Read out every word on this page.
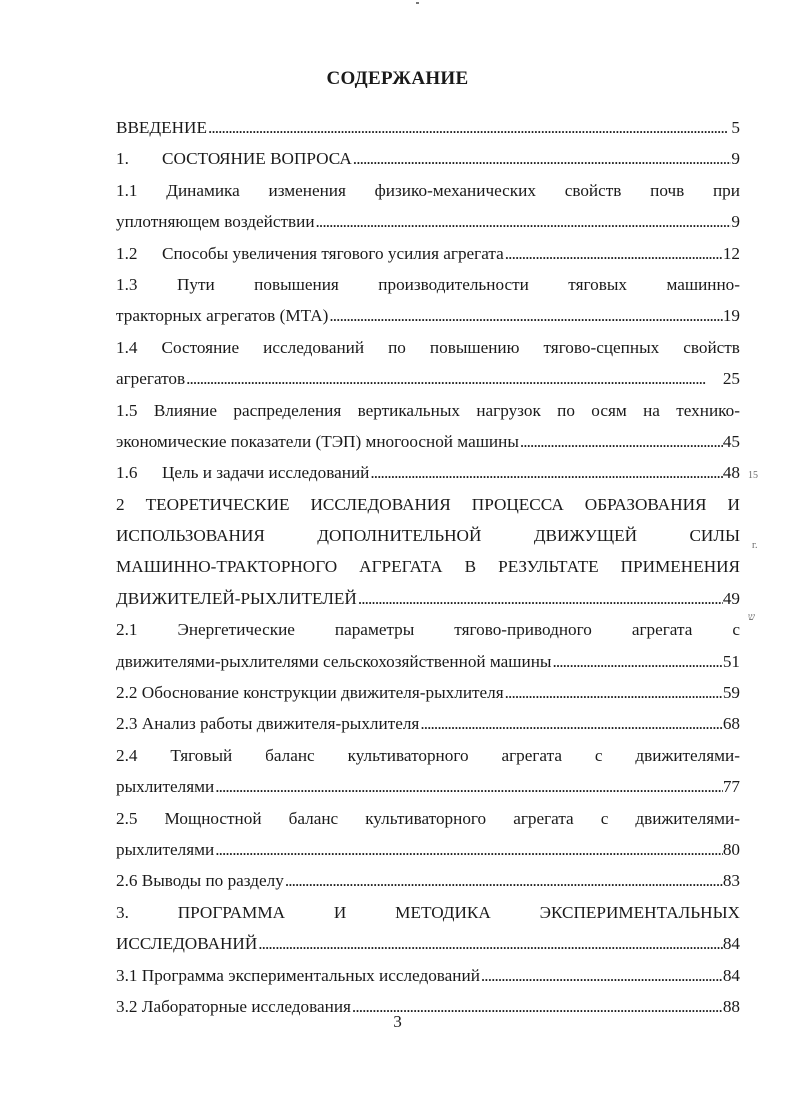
СОДЕРЖАНИЕ
ВВЕДЕНИЕ . . .	5
1. СОСТОЯНИЕ ВОПРОСА . . .	9
1.1 Динамика изменения физико-механических свойств почв при
уплотняющем воздействии . . .	9
1.2 Способы увеличения тягового усилия агрегата . . .	12
1.3 Пути повышения производительности тяговых машинно-
тракторных агрегатов (МТА) . . .	19
1.4 Состояние исследований по повышению тягово-сцепных свойств
агрегатов . . .	25
1.5 Влияние распределения вертикальных нагрузок по осям на технико-
экономические показатели (ТЭП) многоосной машины . . .	45
1.6 Цель и задачи исследований . . .	48
2 ТЕОРЕТИЧЕСКИЕ ИССЛЕДОВАНИЯ ПРОЦЕССА ОБРАЗОВАНИЯ И
ИСПОЛЬЗОВАНИЯ	ДОПОЛНИТЕЛЬНОЙ	ДВИЖУЩЕЙ	СИЛЫ
МАШИННО-ТРАКТОРНОГО АГРЕГАТА В РЕЗУЛЬТАТЕ ПРИМЕНЕНИЯ
ДВИЖИТЕЛЕЙ-РЫХЛИТЕЛЕЙ . . .	49
2.1 Энергетические параметры тягово-приводного агрегата с
движителями-рыхлителями сельскохозяйственной машины . . .	51
2.2 Обоснование конструкции движителя-рыхлителя . . .	59
2.3 Анализ работы движителя-рыхлителя . . .	68
2.4 Тяговый баланс культиваторного агрегата с движителями-
рыхлителями . . .	77
2.5 Мощностной баланс культиваторного агрегата с движителями-
рыхлителями . . .	80
2.6 Выводы по разделу . . .	83
3.	ПРОГРАММА	И	МЕТОДИКА	ЭКСПЕРИМЕНТАЛЬНЫХ
ИССЛЕДОВАНИЙ . . .	84
3.1 Программа экспериментальных исследований . . .	84
3.2 Лабораторные исследования . . .	88
15
г.
ש
3
